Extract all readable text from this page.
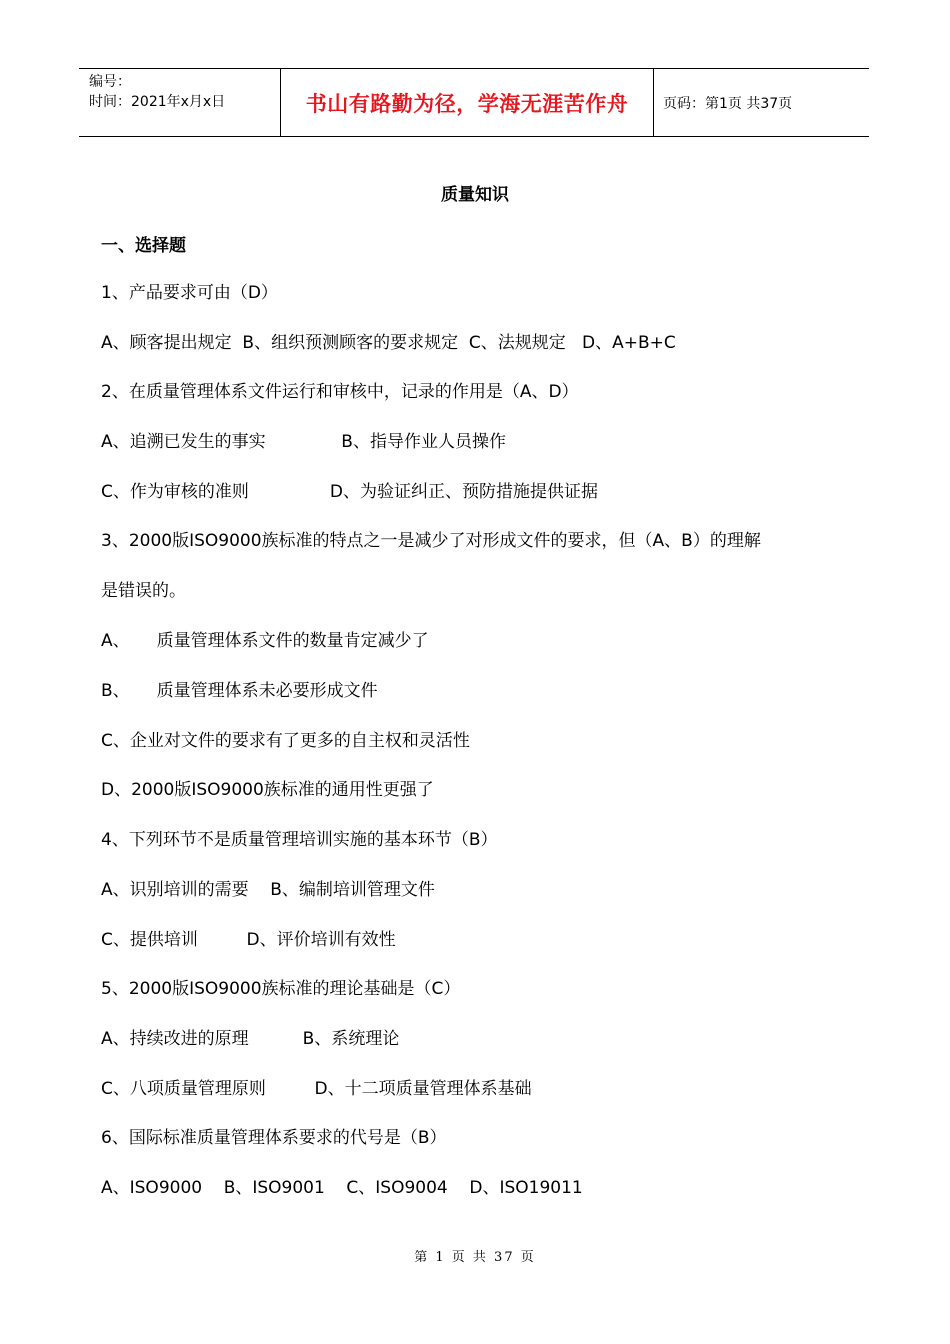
编号：
时间：2021年x月x日	书山有路勤为径，学海无涯苦作舟 页码：第1页 共37页
质量知识
一、选择题
1、产品要求可由（D）
A、顾客提出规定  B、组织预测顾客的要求规定  C、法规规定   D、A+B+C
2、在质量管理体系文件运行和审核中，记录的作用是（A、D）
A、追溯已发生的事实              B、指导作业人员操作
C、作为审核的准则               D、为验证纠正、预防措施提供证据
3、2000版ISO9000族标准的特点之一是减少了对形成文件的要求，但（A、B）的理解
是错误的。
A、     质量管理体系文件的数量肯定减少了
B、     质量管理体系未必要形成文件
C、企业对文件的要求有了更多的自主权和灵活性
D、2000版ISO9000族标准的通用性更强了
4、下列环节不是质量管理培训实施的基本环节（B）
A、识别培训的需要    B、编制培训管理文件
C、提供培训         D、评价培训有效性
5、2000版ISO9000族标准的理论基础是（C）
A、持续改进的原理          B、系统理论
C、八项质量管理原则         D、十二项质量管理体系基础
6、国际标准质量管理体系要求的代号是（B）
A、ISO9000    B、ISO9001    C、ISO9004    D、ISO19011
第 1 页 共 37 页
